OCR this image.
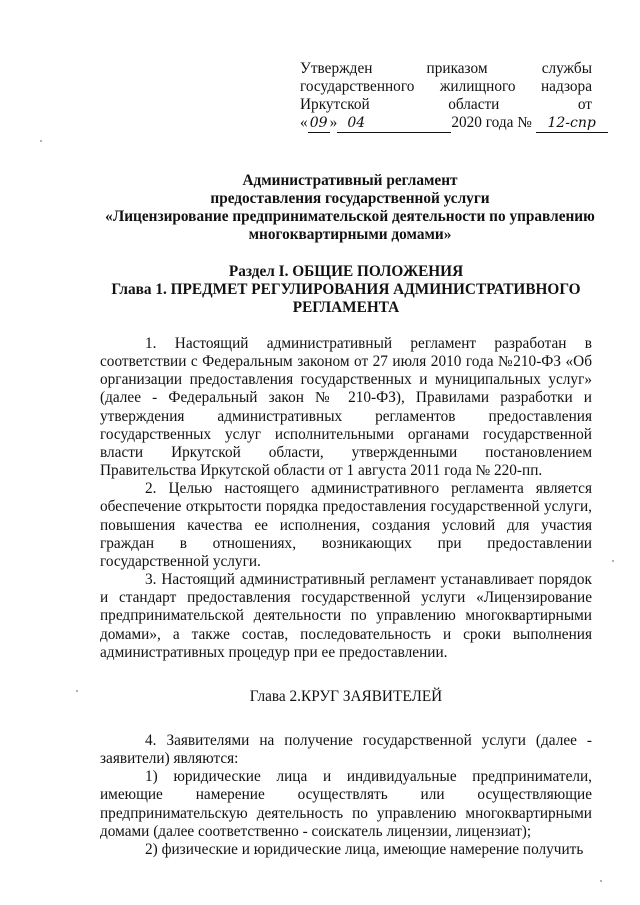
Утвержден	приказом	службы
государственного жилищного надзора
Иркутской	области	от
« 09 » 04	2020 года № 12-спр
Административный регламент
предоставления государственной услуги
«Лицензирование предпринимательской деятельности по управлению
многоквартирными домами»
Раздел I. ОБЩИЕ ПОЛОЖЕНИЯ
Глава 1. ПРЕДМЕТ РЕГУЛИРОВАНИЯ АДМИНИСТРАТИВНОГО РЕГЛАМЕНТА

1. Настоящий административный регламент разработан в соответствии с Федеральным законом от 27 июля 2010 года №210-ФЗ «Об организации предоставления государственных и муниципальных услуг» (далее - Федеральный закон № 210-ФЗ), Правилами разработки и утверждения административных регламентов предоставления государственных услуг исполнительными органами государственной власти Иркутской области, утвержденными постановлением Правительства Иркутской области от 1 августа 2011 года № 220-пп.

2. Целью настоящего административного регламента является обеспечение открытости порядка предоставления государственной услуги, повышения качества ее исполнения, создания условий для участия граждан в отношениях, возникающих при предоставлении государственной услуги.

3. Настоящий административный регламент устанавливает порядок и стандарт предоставления государственной услуги «Лицензирование предпринимательской деятельности по управлению многоквартирными домами», а также состав, последовательность и сроки выполнения административных процедур при ее предоставлении.

Глава 2.КРУГ ЗАЯВИТЕЛЕЙ

4. Заявителями на получение государственной услуги (далее - заявители) являются:

1) юридические лица и индивидуальные предприниматели, имеющие намерение осуществлять или осуществляющие предпринимательскую деятельность по управлению многоквартирными домами (далее соответственно - соискатель лицензии, лицензиат);

2) физические и юридические лица, имеющие намерение получить
